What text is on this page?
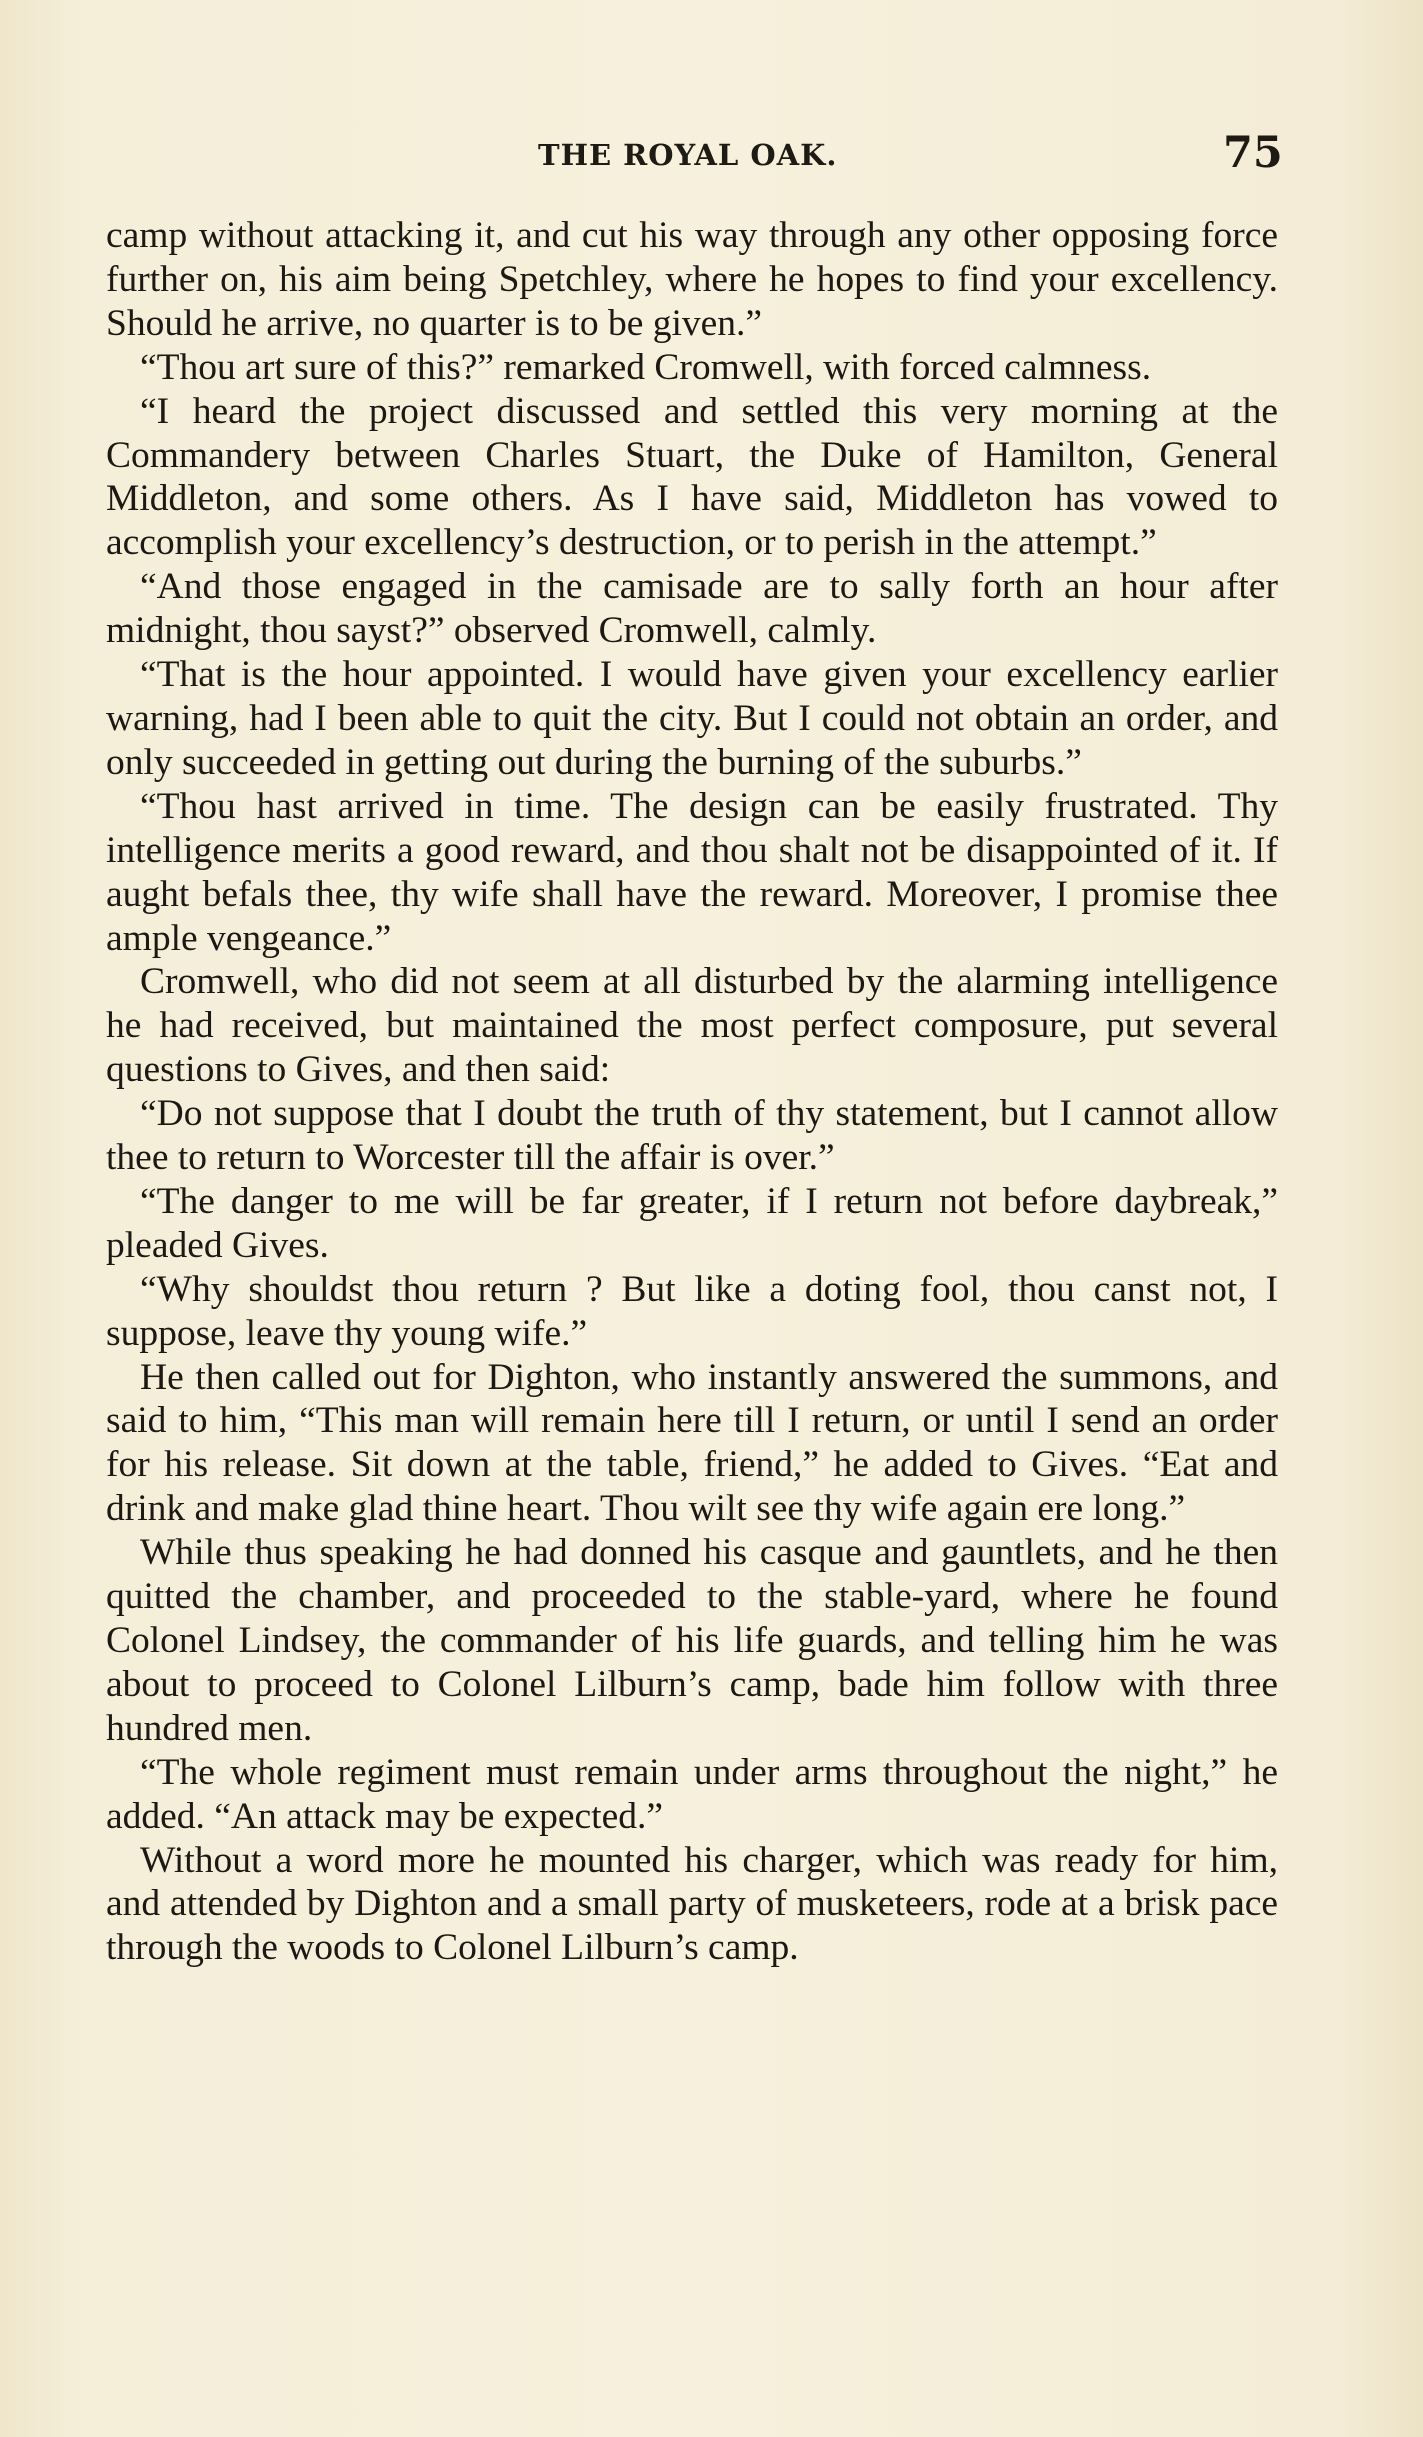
THE ROYAL OAK.	75

camp without attacking it, and cut his way through any other opposing force further on, his aim being Spetchley, where he hopes to find your excellency. Should he arrive, no quarter is to be given.”

“Thou art sure of this?” remarked Cromwell, with forced calmness.

“I heard the project discussed and settled this very morning at the Commandery between Charles Stuart, the Duke of Hamilton, General Middleton, and some others. As I have said, Middleton has vowed to accomplish your excellency’s destruction, or to perish in the attempt.”

“And those engaged in the camisade are to sally forth an hour after midnight, thou sayst?” observed Cromwell, calmly.

“That is the hour appointed. I would have given your excellency earlier warning, had I been able to quit the city. But I could not obtain an order, and only succeeded in getting out during the burning of the suburbs.”

“Thou hast arrived in time. The design can be easily frustrated. Thy intelligence merits a good reward, and thou shalt not be disappointed of it. If aught befals thee, thy wife shall have the reward. Moreover, I promise thee ample vengeance.”

Cromwell, who did not seem at all disturbed by the alarming intelligence he had received, but maintained the most perfect composure, put several questions to Gives, and then said:

“Do not suppose that I doubt the truth of thy statement, but I cannot allow thee to return to Worcester till the affair is over.”

“The danger to me will be far greater, if I return not before daybreak,” pleaded Gives.

“Why shouldst thou return ? But like a doting fool, thou canst not, I suppose, leave thy young wife.”

He then called out for Dighton, who instantly answered the summons, and said to him, “This man will remain here till I return, or until I send an order for his release. Sit down at the table, friend,” he added to Gives. “Eat and drink and make glad thine heart. Thou wilt see thy wife again ere long.”

While thus speaking he had donned his casque and gauntlets, and he then quitted the chamber, and proceeded to the stable-yard, where he found Colonel Lindsey, the commander of his life guards, and telling him he was about to proceed to Colonel Lilburn’s camp, bade him follow with three hundred men.

“The whole regiment must remain under arms throughout the night,” he added. “An attack may be expected.”

Without a word more he mounted his charger, which was ready for him, and attended by Dighton and a small party of musketeers, rode at a brisk pace through the woods to Colonel Lilburn’s camp.
